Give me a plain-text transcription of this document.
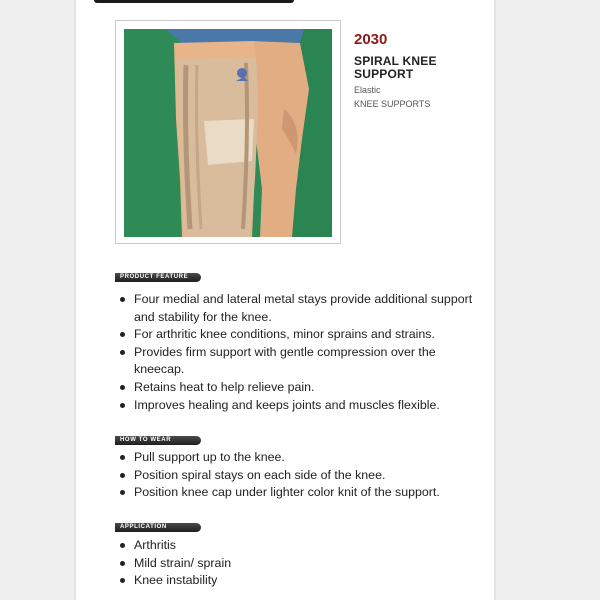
2030
SPIRAL KNEE
SUPPORT
Elastic
KNEE SUPPORTS
PRODUCT FEATURE
Four medial and lateral metal stays provide additional support and stability for the knee.
For arthritic knee conditions, minor sprains and strains.
Provides firm support with gentle compression over the kneecap.
Retains heat to help relieve pain.
Improves healing and keeps joints and muscles flexible.
HOW TO WEAR
Pull support up to the knee.
Position spiral stays on each side of the knee.
Position knee cap under lighter color knit of the support.
APPLICATION
Arthritis
Mild strain/ sprain
Knee instability
